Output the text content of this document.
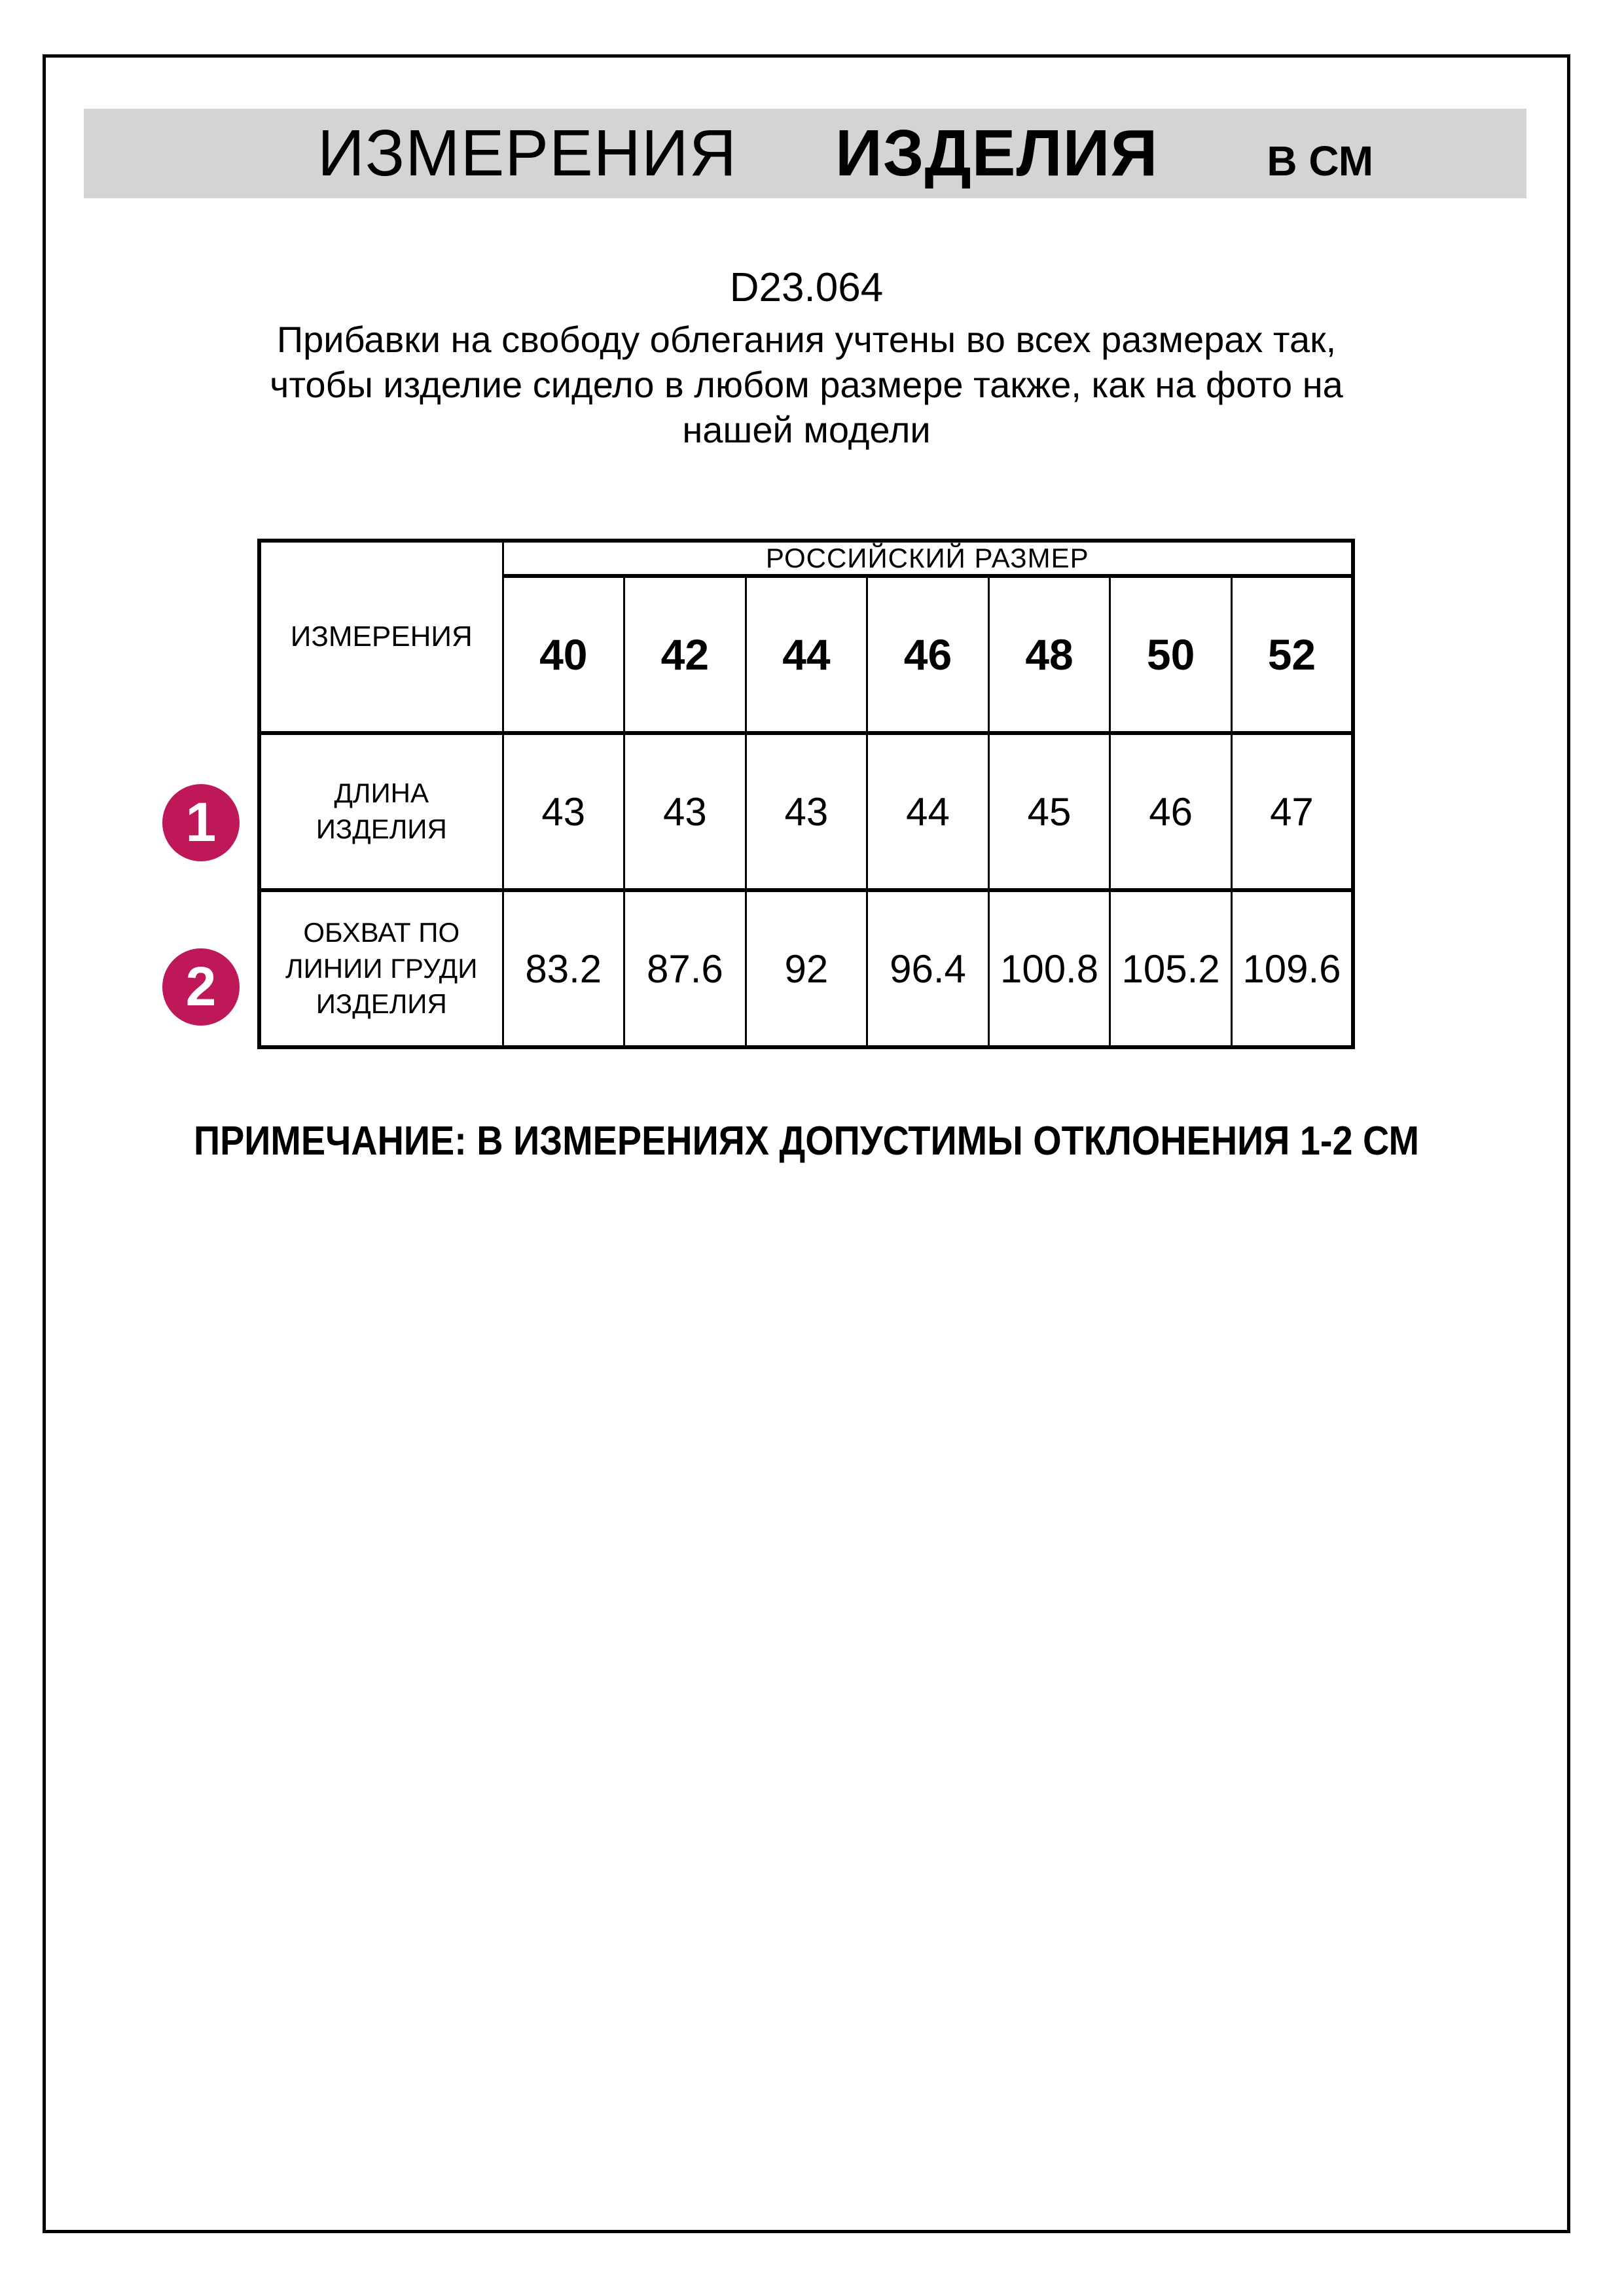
ИЗМЕРЕНИЯ ИЗДЕЛИЯ	В СМ
D23.064
Прибавки на свободу облегания учтены во всех размерах так,
чтобы изделие сидело в любом размере также, как на фото на
нашей модели
ИЗМЕРЕНИЯ	РОССИЙСКИЙ РАЗМЕР						
	40	42	44	46	48	50	52
ДЛИНА ИЗДЕЛИЯ	43	43	43	44	45	46	47
ОБХВАТ ПО ЛИНИИ ГРУДИ ИЗДЕЛИЯ	83.2	87.6	92	96.4	100.8	105.2	109.6
1
2
ПРИМЕЧАНИЕ: В ИЗМЕРЕНИЯХ ДОПУСТИМЫ ОТКЛОНЕНИЯ 1-2 СМ
